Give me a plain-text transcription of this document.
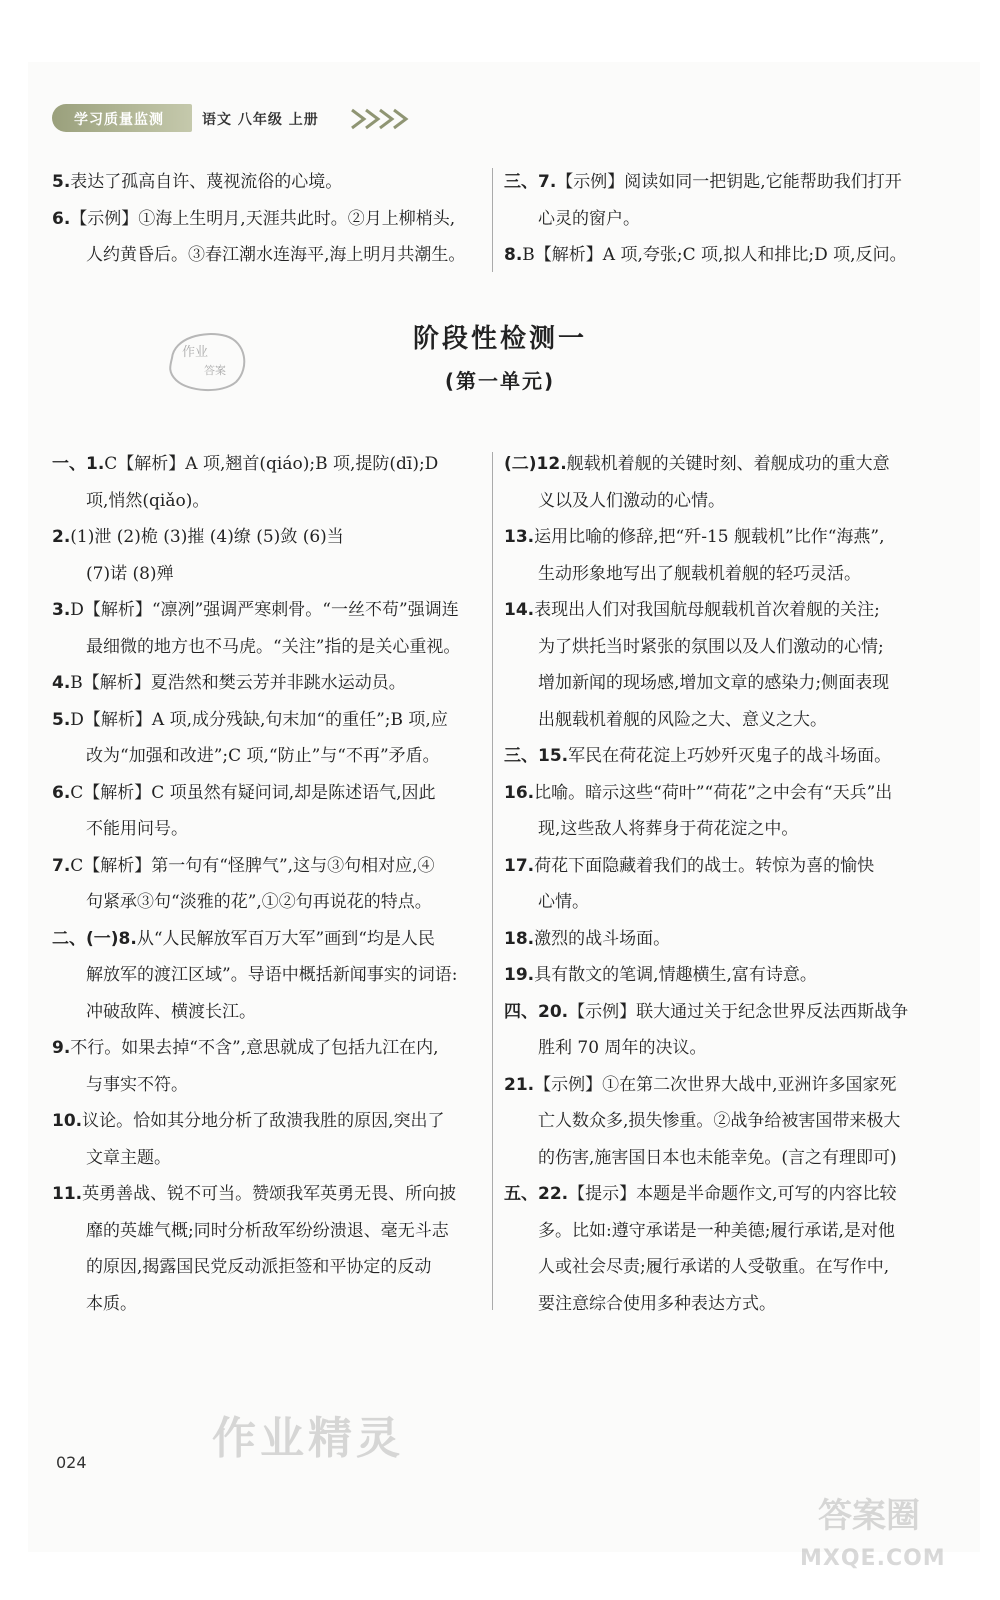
学习质量监测	语文 八年级 上册

5.表达了孤高自许、蔑视流俗的心境。

6.【示例】①海上生明月,天涯共此时。②月上柳梢头,

人约黄昏后。③春江潮水连海平,海上明月共潮生。

三、7.【示例】阅读如同一把钥匙,它能帮助我们打开

心灵的窗户。

8.B【解析】A 项,夸张;C 项,拟人和排比;D 项,反问。

作业
答案
阶段性检测一
(第一单元)

一、1.C【解析】A 项,翘首(qiáo);B 项,提防(dī);D

项,悄然(qiǎo)。

2.(1)泄 (2)桅 (3)摧 (4)缭 (5)敛 (6)当

(7)诺 (8)殚

3.D【解析】“凛冽”强调严寒刺骨。“一丝不苟”强调连

最细微的地方也不马虎。“关注”指的是关心重视。

4.B【解析】夏浩然和樊云芳并非跳水运动员。

5.D【解析】A 项,成分残缺,句末加“的重任”;B 项,应

改为“加强和改进”;C 项,“防止”与“不再”矛盾。

6.C【解析】C 项虽然有疑问词,却是陈述语气,因此

不能用问号。

7.C【解析】第一句有“怪脾气”,这与③句相对应,④

句紧承③句“淡雅的花”,①②句再说花的特点。

二、(一)8.从“人民解放军百万大军”画到“均是人民

解放军的渡江区域”。导语中概括新闻事实的词语:

冲破敌阵、横渡长江。

9.不行。如果去掉“不含”,意思就成了包括九江在内,

与事实不符。

10.议论。恰如其分地分析了敌溃我胜的原因,突出了

文章主题。

11.英勇善战、锐不可当。赞颂我军英勇无畏、所向披

靡的英雄气概;同时分析敌军纷纷溃退、毫无斗志

的原因,揭露国民党反动派拒签和平协定的反动

本质。

(二)12.舰载机着舰的关键时刻、着舰成功的重大意

义以及人们激动的心情。

13.运用比喻的修辞,把“歼-15 舰载机”比作“海燕”,

生动形象地写出了舰载机着舰的轻巧灵活。

14.表现出人们对我国航母舰载机首次着舰的关注;

为了烘托当时紧张的氛围以及人们激动的心情;

增加新闻的现场感,增加文章的感染力;侧面表现

出舰载机着舰的风险之大、意义之大。

三、15.军民在荷花淀上巧妙歼灭鬼子的战斗场面。

16.比喻。暗示这些“荷叶”“荷花”之中会有“天兵”出

现,这些敌人将葬身于荷花淀之中。

17.荷花下面隐藏着我们的战士。转惊为喜的愉快

心情。

18.激烈的战斗场面。

19.具有散文的笔调,情趣横生,富有诗意。

四、20.【示例】联大通过关于纪念世界反法西斯战争

胜利 70 周年的决议。

21.【示例】①在第二次世界大战中,亚洲许多国家死

亡人数众多,损失惨重。②战争给被害国带来极大

的伤害,施害国日本也未能幸免。(言之有理即可)

五、22.【提示】本题是半命题作文,可写的内容比较

多。比如:遵守承诺是一种美德;履行承诺,是对他

人或社会尽责;履行承诺的人受敬重。在写作中,

要注意综合使用多种表达方式。

024	作业精灵
答案圈
MXQE.COM
